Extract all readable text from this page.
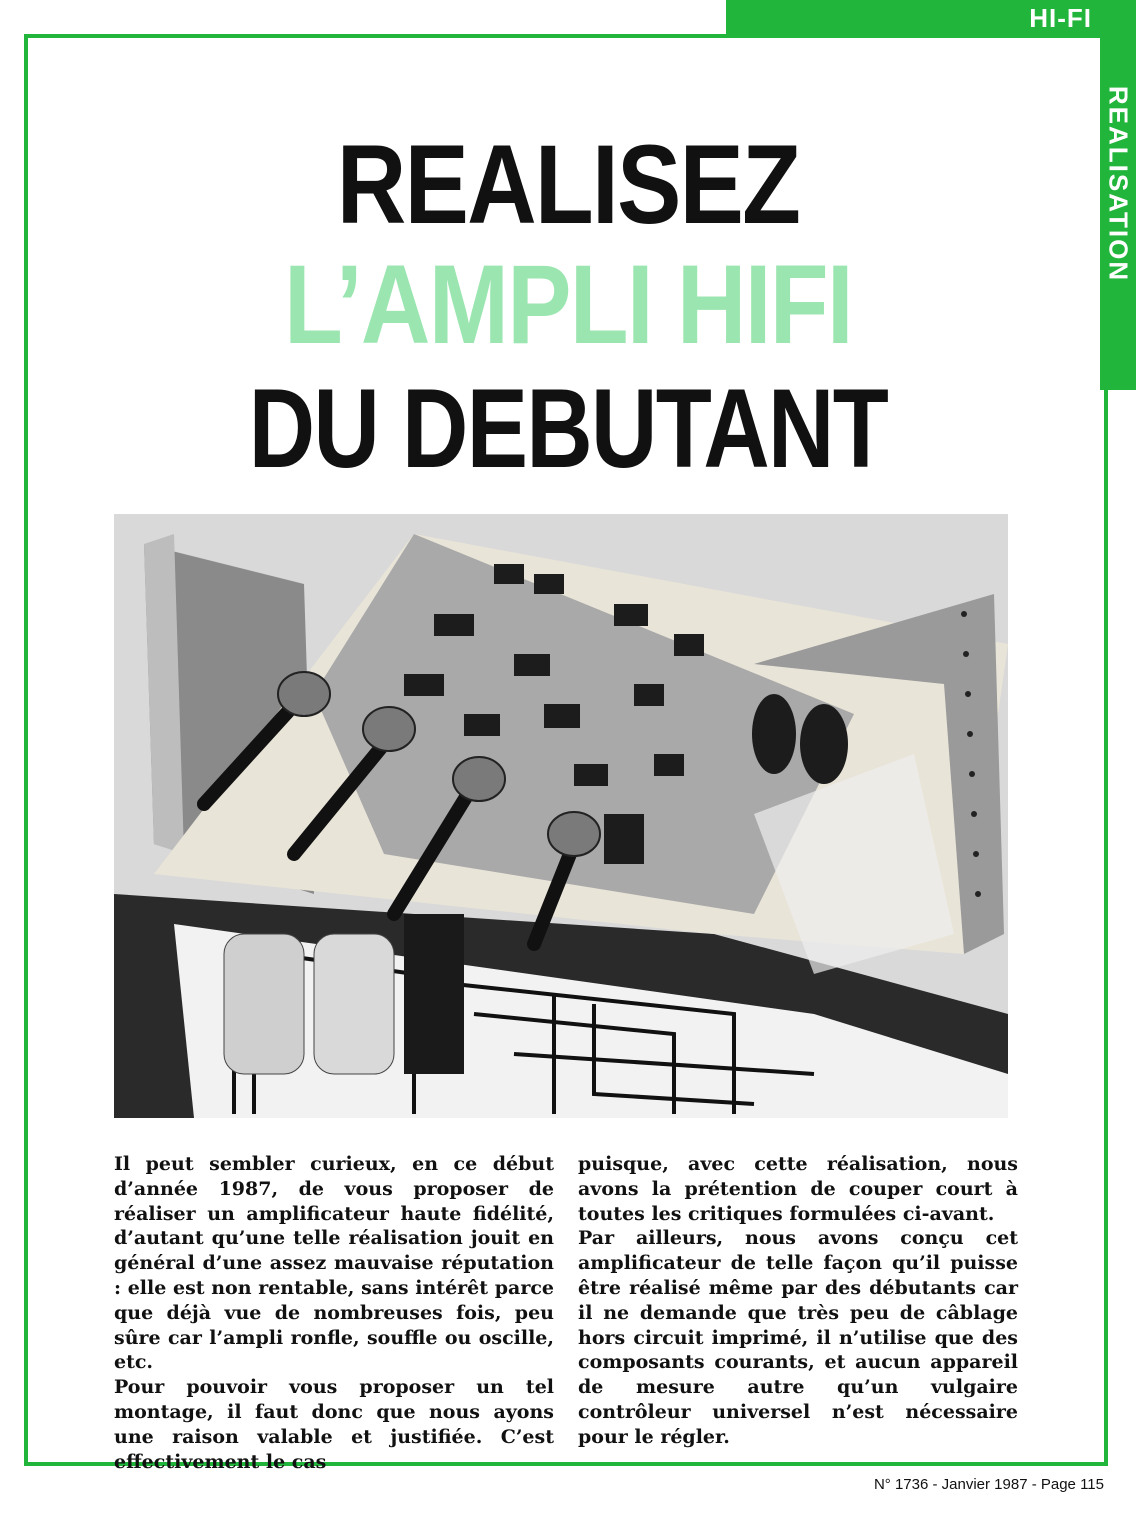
HI-FI
REALISATION
REALISEZ
L’AMPLI HIFI
DU DEBUTANT

Il peut sembler curieux, en ce début d’année 1987, de vous proposer de réaliser un amplificateur haute fidélité, d’autant qu’une telle réalisation jouit en général d’une assez mauvaise réputation : elle est non rentable, sans intérêt parce que déjà vue de nombreuses fois, peu sûre car l’ampli ronfle, souffle ou oscille, etc.

Pour pouvoir vous proposer un tel montage, il faut donc que nous ayons une raison valable et justifiée. C’est effectivement le cas

puisque, avec cette réalisation, nous avons la prétention de couper court à toutes les critiques formulées ci-avant.

Par ailleurs, nous avons conçu cet amplificateur de telle façon qu’il puisse être réalisé même par des débutants car il ne demande que très peu de câblage hors circuit imprimé, il n’utilise que des composants courants, et aucun appareil de mesure autre qu’un vulgaire contrôleur universel n’est nécessaire pour le régler.

N° 1736 - Janvier 1987 - Page 115
